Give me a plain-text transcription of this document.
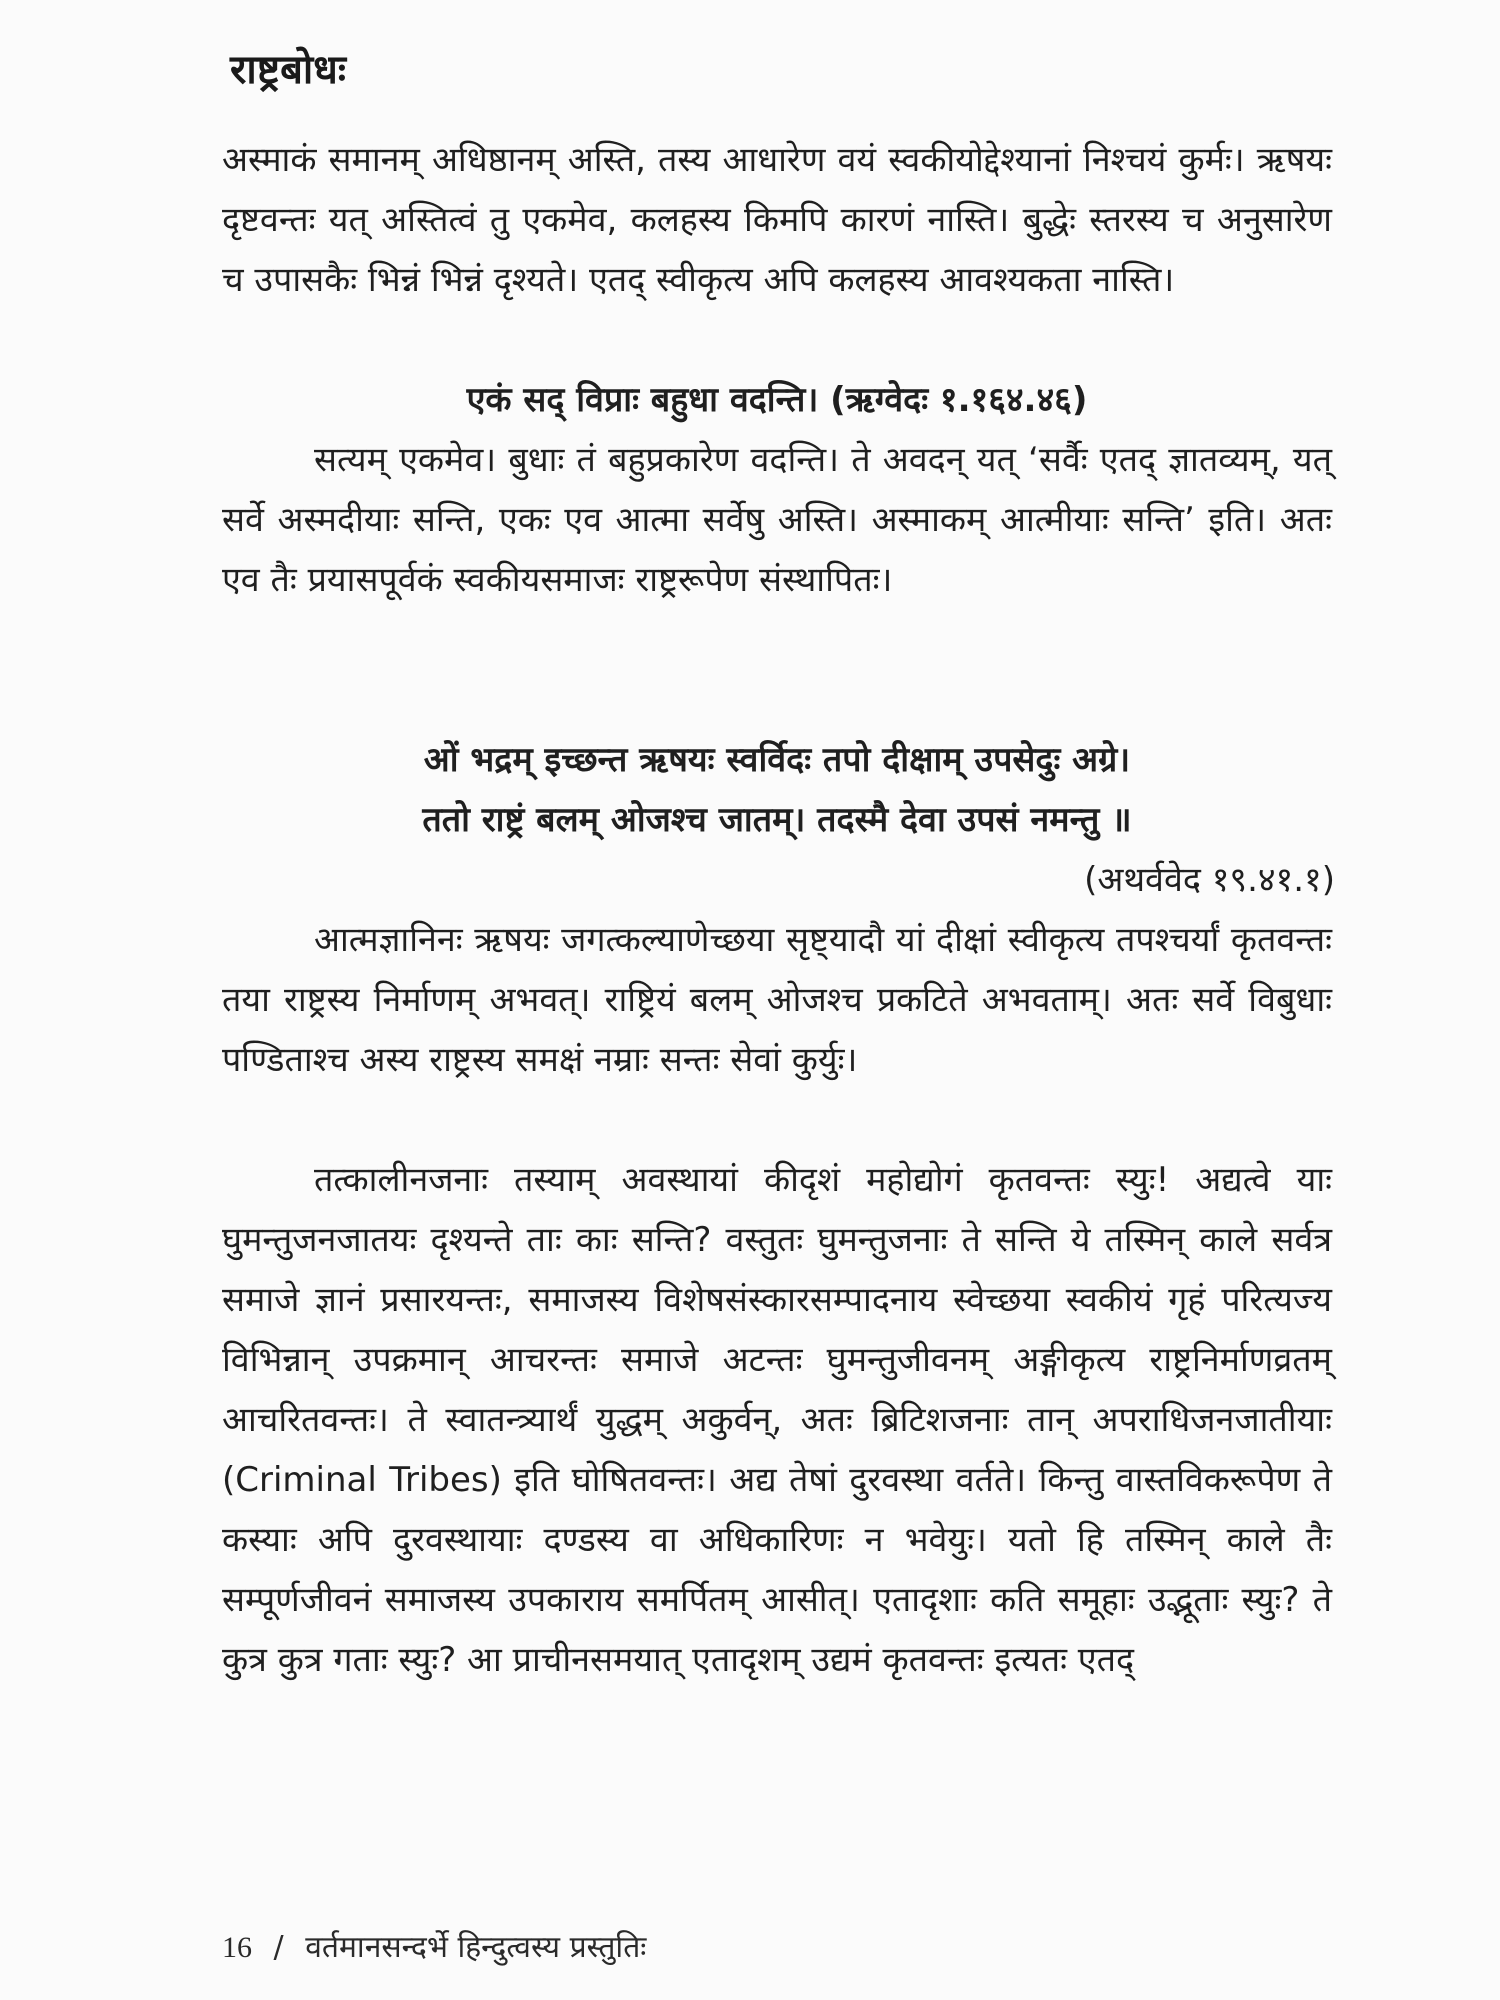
राष्ट्रबोधः

अस्माकं समानम् अधिष्ठानम् अस्ति, तस्य आधारेण वयं स्वकीयोद्देश्यानां निश्चयं कुर्मः। ऋषयः दृष्टवन्तः यत् अस्तित्वं तु एकमेव, कलहस्य किमपि कारणं नास्ति। बुद्धेः स्तरस्य च अनुसारेण च उपासकैः भिन्नं भिन्नं दृश्यते। एतद् स्वीकृत्य अपि कलहस्य आवश्यकता नास्ति।

एकं सद् विप्राः बहुधा वदन्ति। (ऋग्वेदः १.१६४.४६)

सत्यम् एकमेव। बुधाः तं बहुप्रकारेण वदन्ति। ते अवदन् यत् ‘सर्वैः एतद् ज्ञातव्यम्, यत् सर्वे अस्मदीयाः सन्ति, एकः एव आत्मा सर्वेषु अस्ति। अस्माकम् आत्मीयाः सन्ति’ इति। अतः एव तैः प्रयासपूर्वकं स्वकीयसमाजः राष्ट्ररूपेण संस्थापितः।

ओं भद्रम् इच्छन्त ऋषयः स्वर्विदः तपो दीक्षाम् उपसेदुः अग्रे।

ततो राष्ट्रं बलम् ओजश्च जातम्। तदस्मै देवा उपसं नमन्तु ॥

(अथर्ववेद १९.४१.१)

आत्मज्ञानिनः ऋषयः जगत्कल्याणेच्छया सृष्ट्यादौ यां दीक्षां स्वीकृत्य तपश्चर्यां कृतवन्तः तया राष्ट्रस्य निर्माणम् अभवत्। राष्ट्रियं बलम् ओजश्च प्रकटिते अभवताम्। अतः सर्वे विबुधाः पण्डिताश्च अस्य राष्ट्रस्य समक्षं नम्राः सन्तः सेवां कुर्युः।

तत्कालीनजनाः तस्याम् अवस्थायां कीदृशं महोद्योगं कृतवन्तः स्युः! अद्यत्वे याः घुमन्तुजनजातयः दृश्यन्ते ताः काः सन्ति? वस्तुतः घुमन्तुजनाः ते सन्ति ये तस्मिन् काले सर्वत्र समाजे ज्ञानं प्रसारयन्तः, समाजस्य विशेषसंस्कारसम्पादनाय स्वेच्छया स्वकीयं गृहं परित्यज्य विभिन्नान् उपक्रमान् आचरन्तः समाजे अटन्तः घुमन्तुजीवनम् अङ्गीकृत्य राष्ट्रनिर्माणव्रतम् आचरितवन्तः। ते स्वातन्त्र्यार्थं युद्धम् अकुर्वन्, अतः ब्रिटिशजनाः तान् अपराधिजनजातीयाः (Criminal Tribes) इति घोषितवन्तः। अद्य तेषां दुरवस्था वर्तते। किन्तु वास्तविकरूपेण ते कस्याः अपि दुरवस्थायाः दण्डस्य वा अधिकारिणः न भवेयुः। यतो हि तस्मिन् काले तैः सम्पूर्णजीवनं समाजस्य उपकाराय समर्पितम् आसीत्। एतादृशाः कति समूहाः उद्भूताः स्युः? ते कुत्र कुत्र गताः स्युः? आ प्राचीनसमयात् एतादृशम् उद्यमं कृतवन्तः इत्यतः एतद्

16 / वर्तमानसन्दर्भे हिन्दुत्वस्य प्रस्तुतिः
